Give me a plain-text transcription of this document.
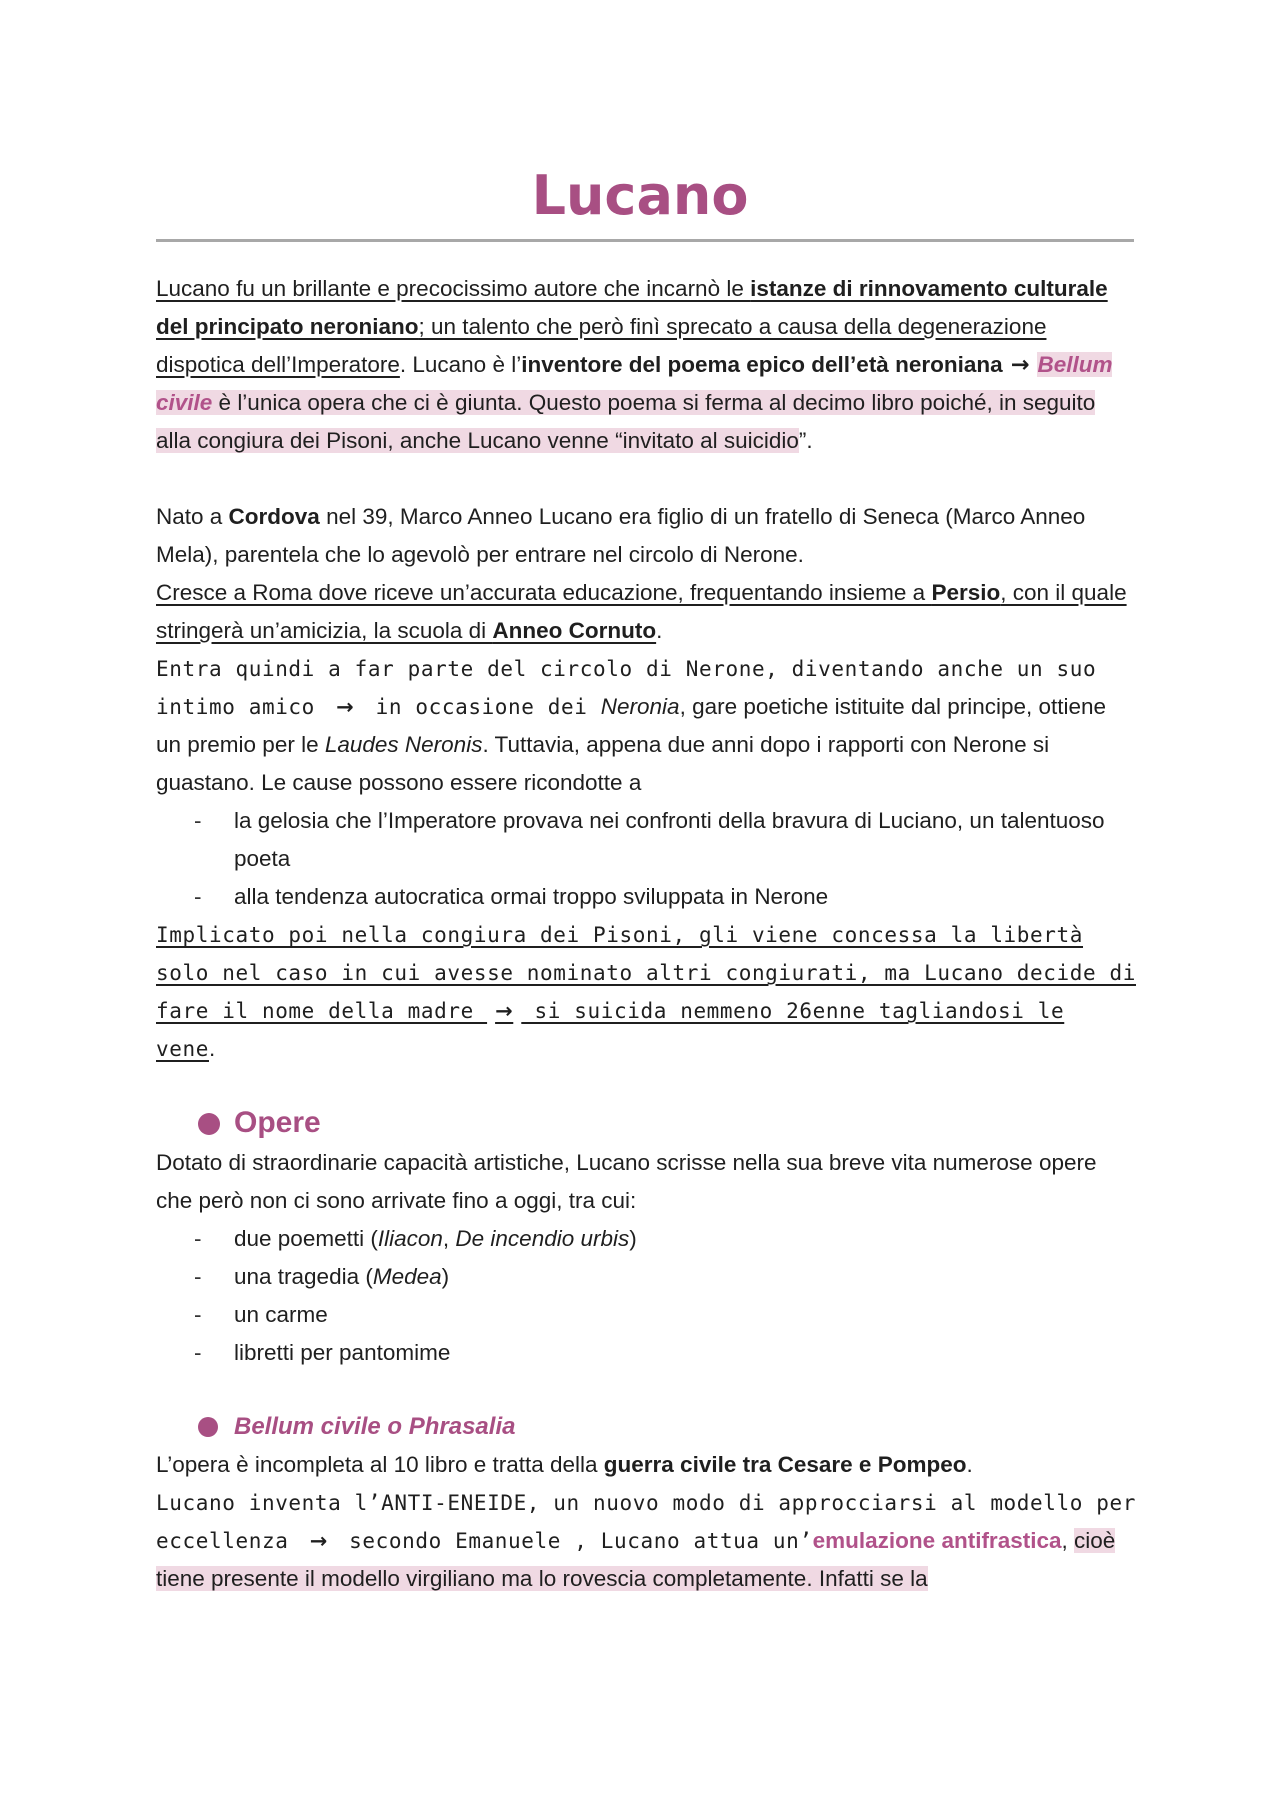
Lucano

Lucano fu un brillante e precocissimo autore che incarnò le istanze di rinnovamento culturale del principato neroniano; un talento che però finì sprecato a causa della degenerazione dispotica dell’Imperatore. Lucano è l’inventore del poema epico dell’età neroniana → Bellum civile è l’unica opera che ci è giunta. Questo poema si ferma al decimo libro poiché, in seguito alla congiura dei Pisoni, anche Lucano venne “invitato al suicidio”.

Nato a Cordova nel 39, Marco Anneo Lucano era figlio di un fratello di Seneca (Marco Anneo Mela), parentela che lo agevolò per entrare nel circolo di Nerone.

Cresce a Roma dove riceve un’accurata educazione, frequentando insieme a Persio, con il quale stringerà un’amicizia, la scuola di Anneo Cornuto.

Entra quindi a far parte del circolo di Nerone, diventando anche un suo intimo amico → in occasione dei Neronia, gare poetiche istituite dal principe, ottiene un premio per le Laudes Neronis. Tuttavia, appena due anni dopo i rapporti con Nerone si guastano. Le cause possono essere ricondotte a

- la gelosia che l’Imperatore provava nei confronti della bravura di Luciano, un talentuoso poeta
- alla tendenza autocratica ormai troppo sviluppata in Nerone

Implicato poi nella congiura dei Pisoni, gli viene concessa la libertà solo nel caso in cui avesse nominato altri congiurati, ma Lucano decide di fare il nome della madre → si suicida nemmeno 26enne tagliandosi le vene.

Opere

Dotato di straordinarie capacità artistiche, Lucano scrisse nella sua breve vita numerose opere che però non ci sono arrivate fino a oggi, tra cui:

- due poemetti (Iliacon, De incendio urbis)
- una tragedia (Medea)
- un carme
- libretti per pantomime
Bellum civile o Phrasalia

L’opera è incompleta al 10 libro e tratta della guerra civile tra Cesare e Pompeo.

Lucano inventa l’ANTI-ENEIDE, un nuovo modo di approcciarsi al modello per eccellenza → secondo Emanuele , Lucano attua un’emulazione antifrastica, cioè tiene presente il modello virgiliano ma lo rovescia completamente. Infatti se la
